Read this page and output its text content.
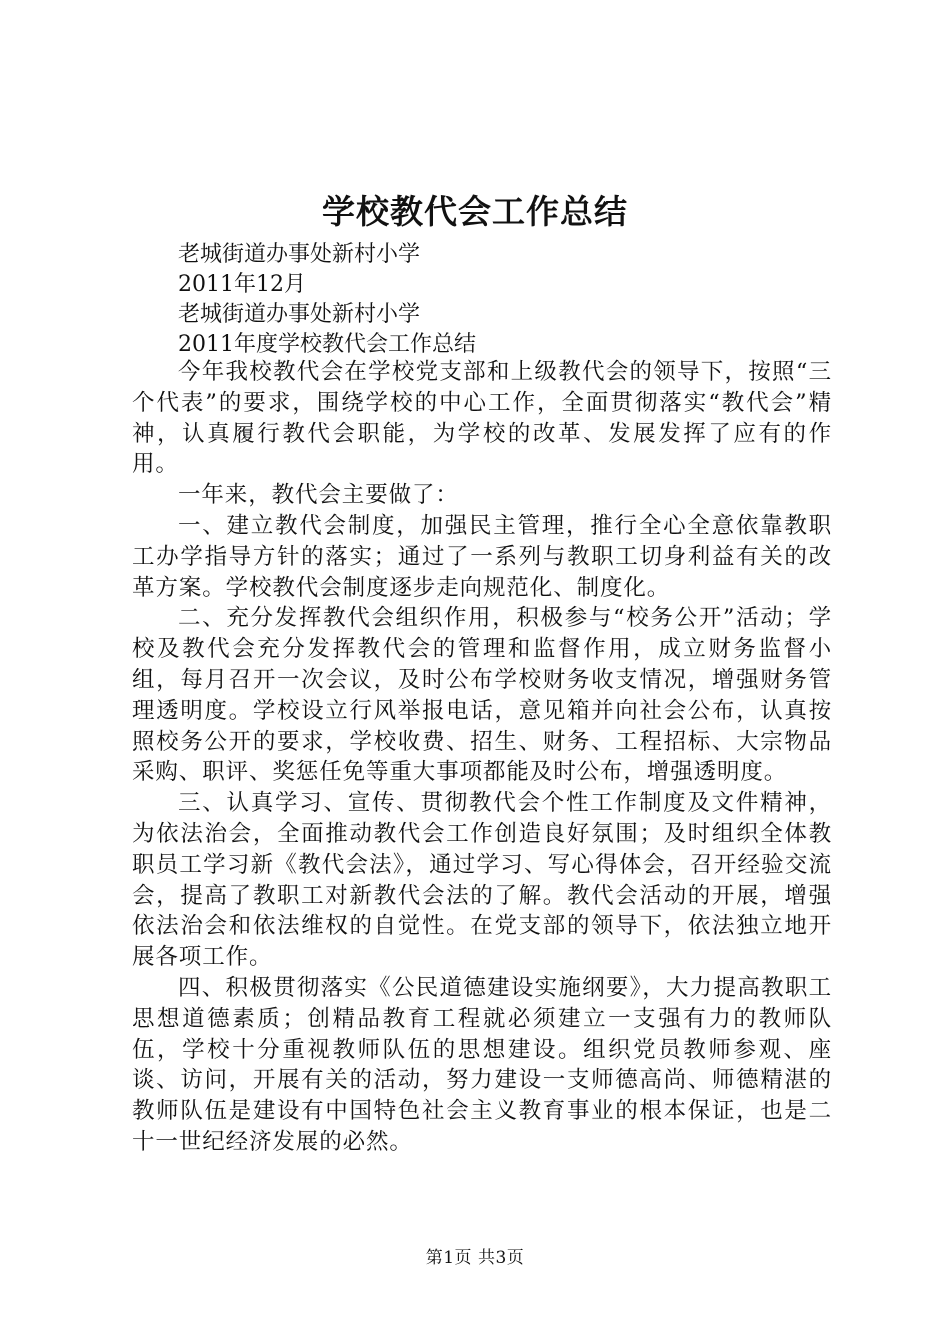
学校教代会工作总结
老城街道办事处新村小学
2011年12月
老城街道办事处新村小学
2011年度学校教代会工作总结

今年我校教代会在学校党支部和上级教代会的领导下，按照“三个代表”的要求，围绕学校的中心工作，全面贯彻落实“教代会”精神，认真履行教代会职能，为学校的改革、发展发挥了应有的作用。

一年来，教代会主要做了：

一、建立教代会制度，加强民主管理，推行全心全意依靠教职工办学指导方针的落实；通过了一系列与教职工切身利益有关的改革方案。学校教代会制度逐步走向规范化、制度化。

二、充分发挥教代会组织作用，积极参与“校务公开”活动；学校及教代会充分发挥教代会的管理和监督作用，成立财务监督小组，每月召开一次会议，及时公布学校财务收支情况，增强财务管理透明度。学校设立行风举报电话，意见箱并向社会公布，认真按照校务公开的要求，学校收费、招生、财务、工程招标、大宗物品采购、职评、奖惩任免等重大事项都能及时公布，增强透明度。

三、认真学习、宣传、贯彻教代会个性工作制度及文件精神，为依法治会，全面推动教代会工作创造良好氛围；及时组织全体教职员工学习新《教代会法》，通过学习、写心得体会，召开经验交流会，提高了教职工对新教代会法的了解。教代会活动的开展，增强依法治会和依法维权的自觉性。在党支部的领导下，依法独立地开展各项工作。

四、积极贯彻落实《公民道德建设实施纲要》，大力提高教职工思想道德素质；创精品教育工程就必须建立一支强有力的教师队伍，学校十分重视教师队伍的思想建设。组织党员教师参观、座谈、访问，开展有关的活动，努力建设一支师德高尚、师德精湛的教师队伍是建设有中国特色社会主义教育事业的根本保证，也是二十一世纪经济发展的必然。

第1页 共3页
